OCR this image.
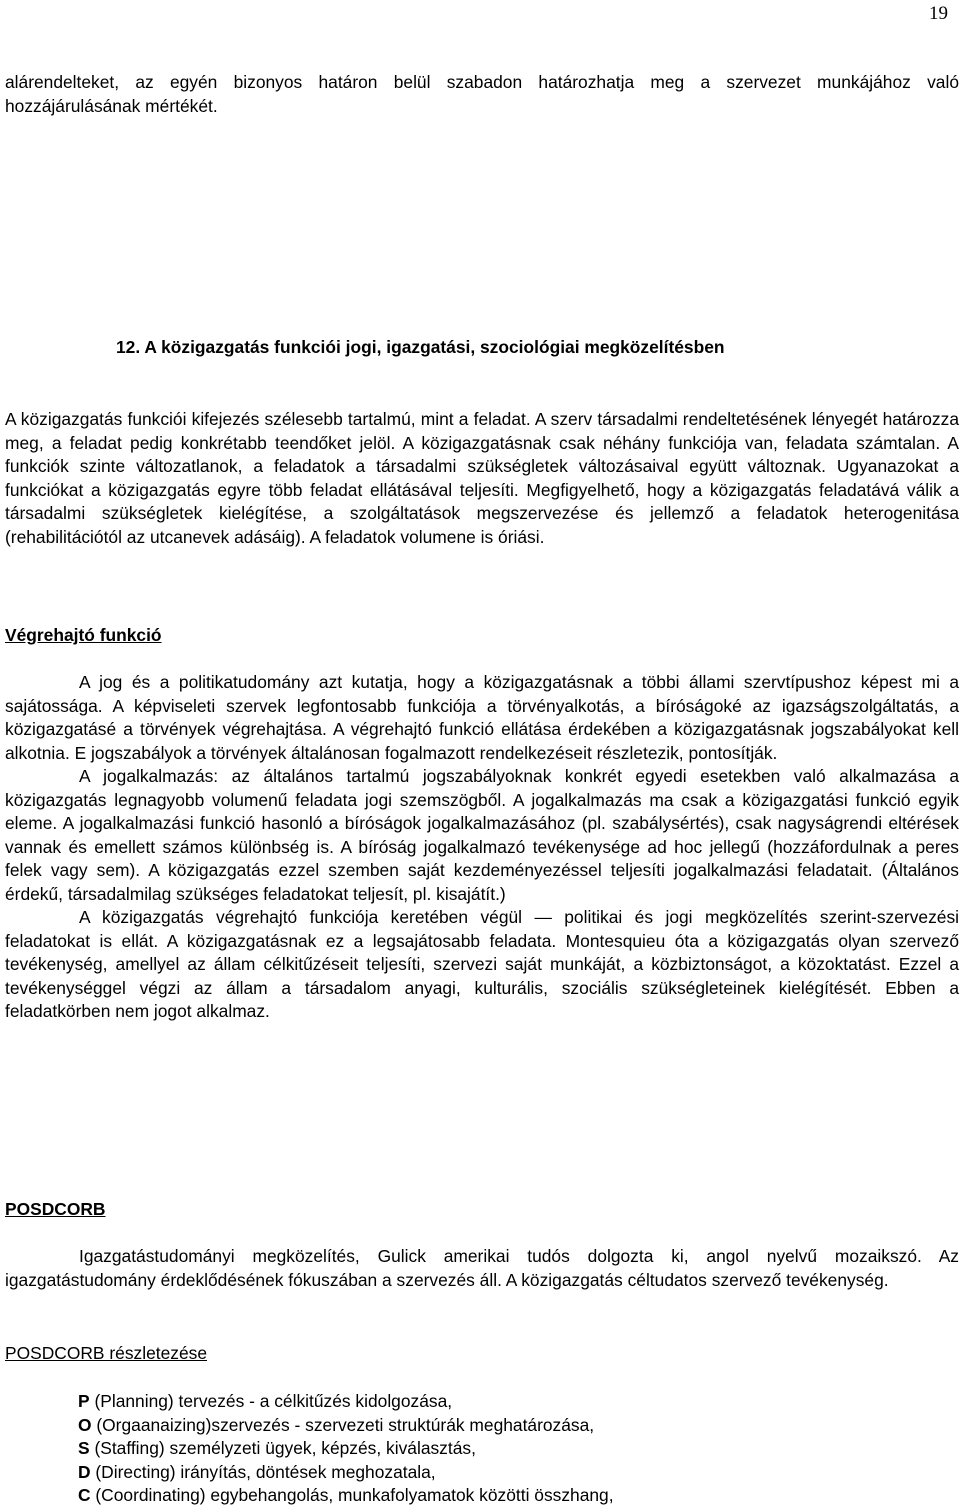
19

alárendelteket, az egyén bizonyos határon belül szabadon határozhatja meg a szervezet munkájához való hozzájárulásának mértékét.

12. A közigazgatás funkciói jogi, igazgatási, szociológiai megközelítésben

A közigazgatás funkciói kifejezés szélesebb tartalmú, mint a feladat. A szerv társadalmi rendeltetésének lényegét határozza meg, a feladat pedig konkrétabb teendőket jelöl. A közigazgatásnak csak néhány funkciója van, feladata számtalan. A funkciók szinte változatlanok, a feladatok a társadalmi szükségletek változásaival együtt változnak. Ugyanazokat a funkciókat a közigazgatás egyre több feladat ellátásával teljesíti. Megfigyelhető, hogy a közigazgatás feladatává válik a társadalmi szükségletek kielégítése, a szolgáltatások megszervezése és jellemző a feladatok heterogenitása (rehabilitációtól az utcanevek adásáig). A feladatok volumene is óriási.

Végrehajtó funkció

A jog és a politikatudomány azt kutatja, hogy a közigazgatásnak a többi állami szervtípushoz képest mi a sajátossága. A képviseleti szervek legfontosabb funkciója a törvényalkotás, a bíróságoké az igazságszolgáltatás, a közigazgatásé a törvények végrehajtása. A végrehajtó funkció ellátása érdekében a közigazgatásnak jogszabályokat kell alkotnia. E jogszabályok a törvények általánosan fogalmazott rendelkezéseit részletezik, pontosítják.

A jogalkalmazás: az általános tartalmú jogszabályoknak konkrét egyedi esetekben való alkalmazása a közigazgatás legnagyobb volumenű feladata jogi szemszögből. A jogalkalmazás ma csak a közigazgatási funkció egyik eleme. A jogalkalmazási funkció hasonló a bíróságok jogalkalmazásához (pl. szabálysértés), csak nagyságrendi eltérések vannak és emellett számos különbség is. A bíróság jogalkalmazó tevékenysége ad hoc jellegű (hozzáfordulnak a peres felek vagy sem). A közigazgatás ezzel szemben saját kezdeményezéssel teljesíti jogalkalmazási feladatait. (Általános érdekű, társadalmilag szükséges feladatokat teljesít, pl. kisajátít.)

A közigazgatás végrehajtó funkciója keretében végül — politikai és jogi megközelítés szerint-szervezési feladatokat is ellát. A közigazgatásnak ez a legsajátosabb feladata. Montesquieu óta a közigazgatás olyan szervező tevékenység, amellyel az állam célkitűzéseit teljesíti, szervezi saját munkáját, a közbiztonságot, a közoktatást. Ezzel a tevékenységgel végzi az állam a társadalom anyagi, kulturális, szociális szükségleteinek kielégítését. Ebben a feladatkörben nem jogot alkalmaz.

POSDCORB

Igazgatástudományi megközelítés, Gulick amerikai tudós dolgozta ki, angol nyelvű mozaikszó. Az igazgatástudomány érdeklődésének fókuszában a szervezés áll. A közigazgatás céltudatos szervező tevékenység.

POSDCORB részletezése
P (Planning) tervezés - a célkitűzés kidolgozása,
O (Orgaanaizing)szervezés - szervezeti struktúrák meghatározása,
S (Staffing) személyzeti ügyek, képzés, kiválasztás,
D (Directing) irányítás, döntések meghozatala,
C (Coordinating) egybehangolás, munkafolyamatok közötti összhang,
